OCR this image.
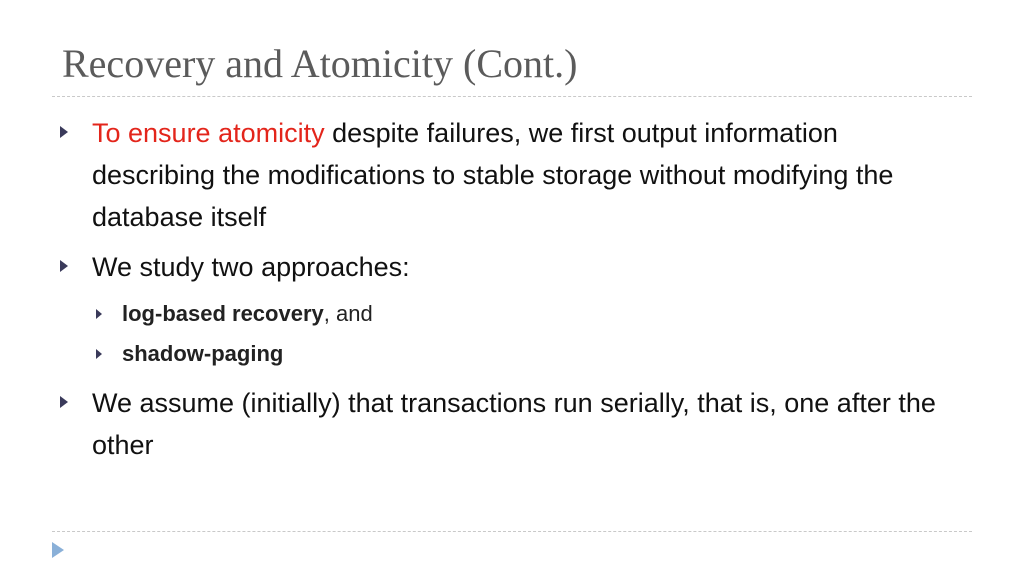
Recovery and Atomicity (Cont.)
To ensure atomicity despite failures, we first output information describing the modifications to stable storage without modifying the database itself
We study two approaches:
log-based recovery, and
shadow-paging
We assume (initially) that transactions run serially, that is, one after the other
